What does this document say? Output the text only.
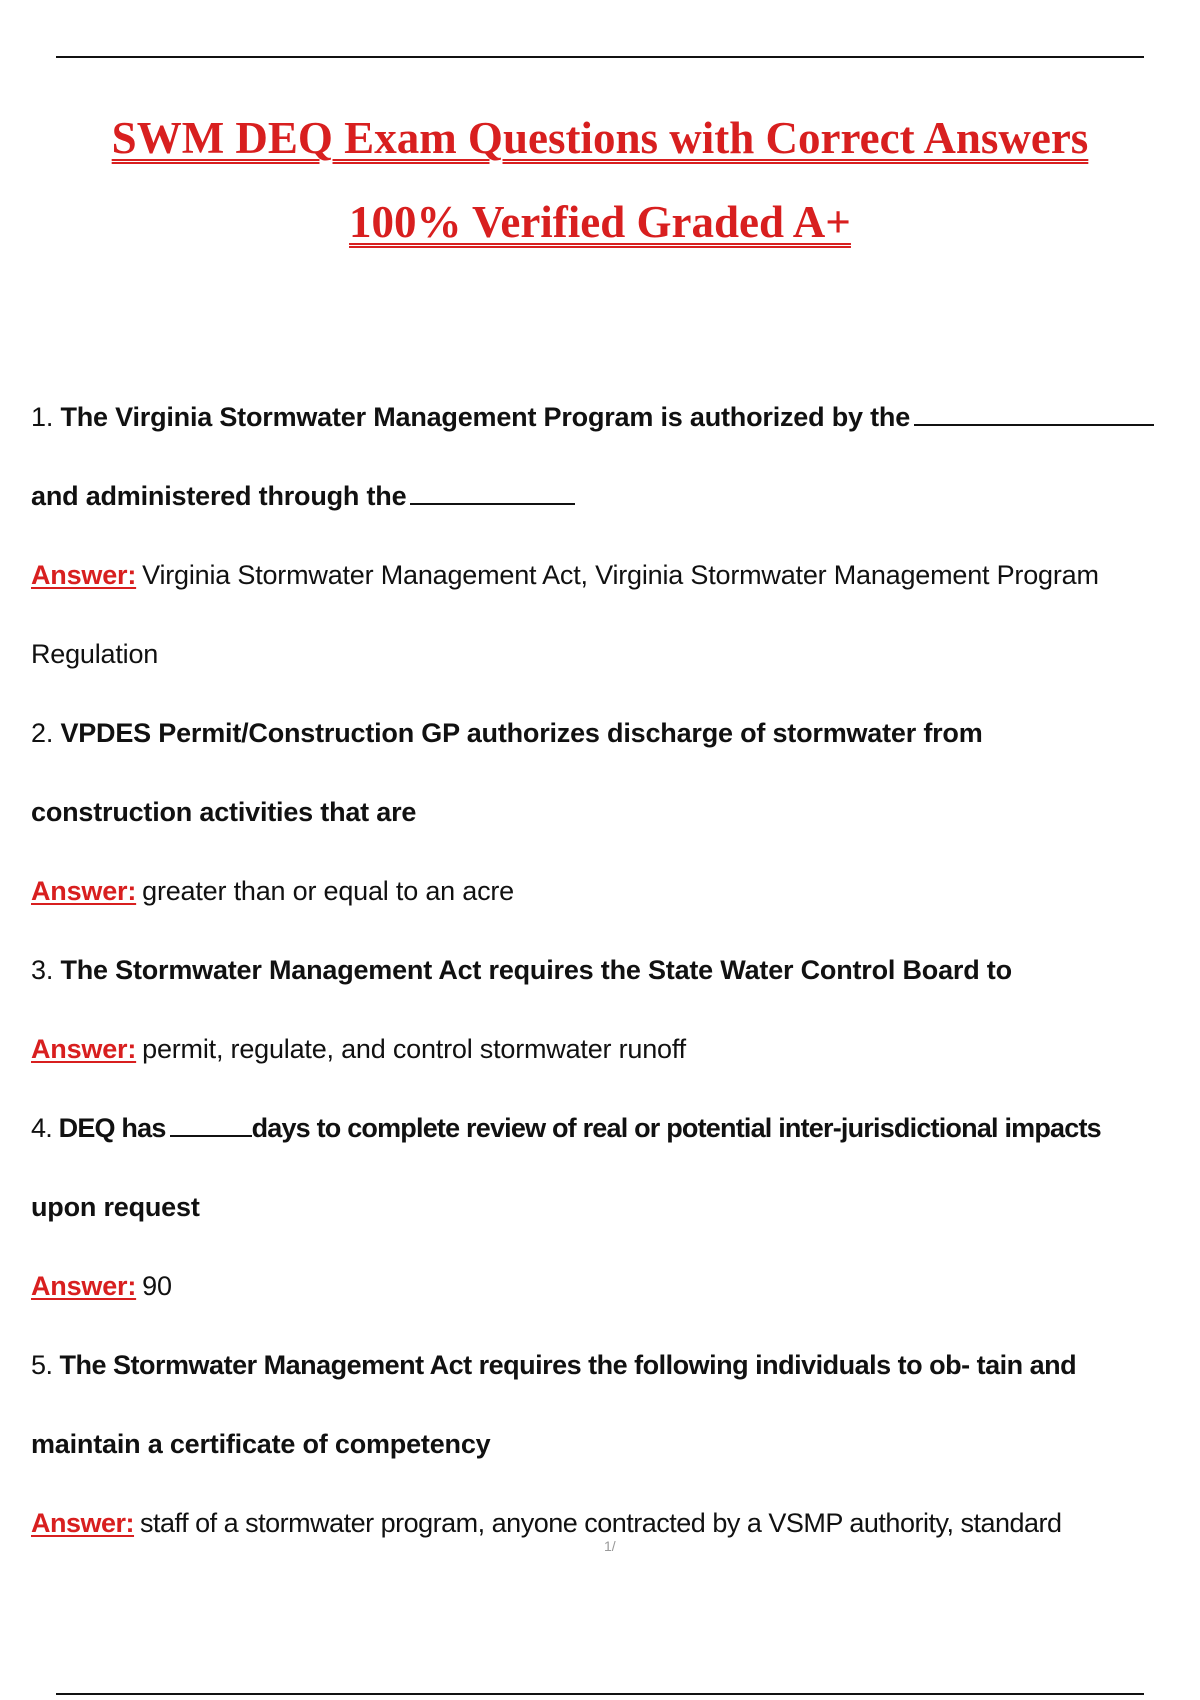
SWM DEQ Exam Questions with Correct Answers
100% Verified Graded A+
1. The Virginia Stormwater Management Program is authorized by the
and administered through the
Answer: Virginia Stormwater Management Act, Virginia Stormwater Management Program
Regulation
2. VPDES Permit/Construction GP authorizes discharge of stormwater from
construction activities that are
Answer: greater than or equal to an acre
3. The Stormwater Management Act requires the State Water Control Board to
Answer: permit, regulate, and control stormwater runoff
4. DEQ has	days to complete review of real or potential inter-jurisdictional impacts
upon request
Answer: 90
5. The Stormwater Management Act requires the following individuals to ob- tain and
maintain a certificate of competency
Answer: staff of a stormwater program, anyone contracted by a VSMP authority, standard
1/
